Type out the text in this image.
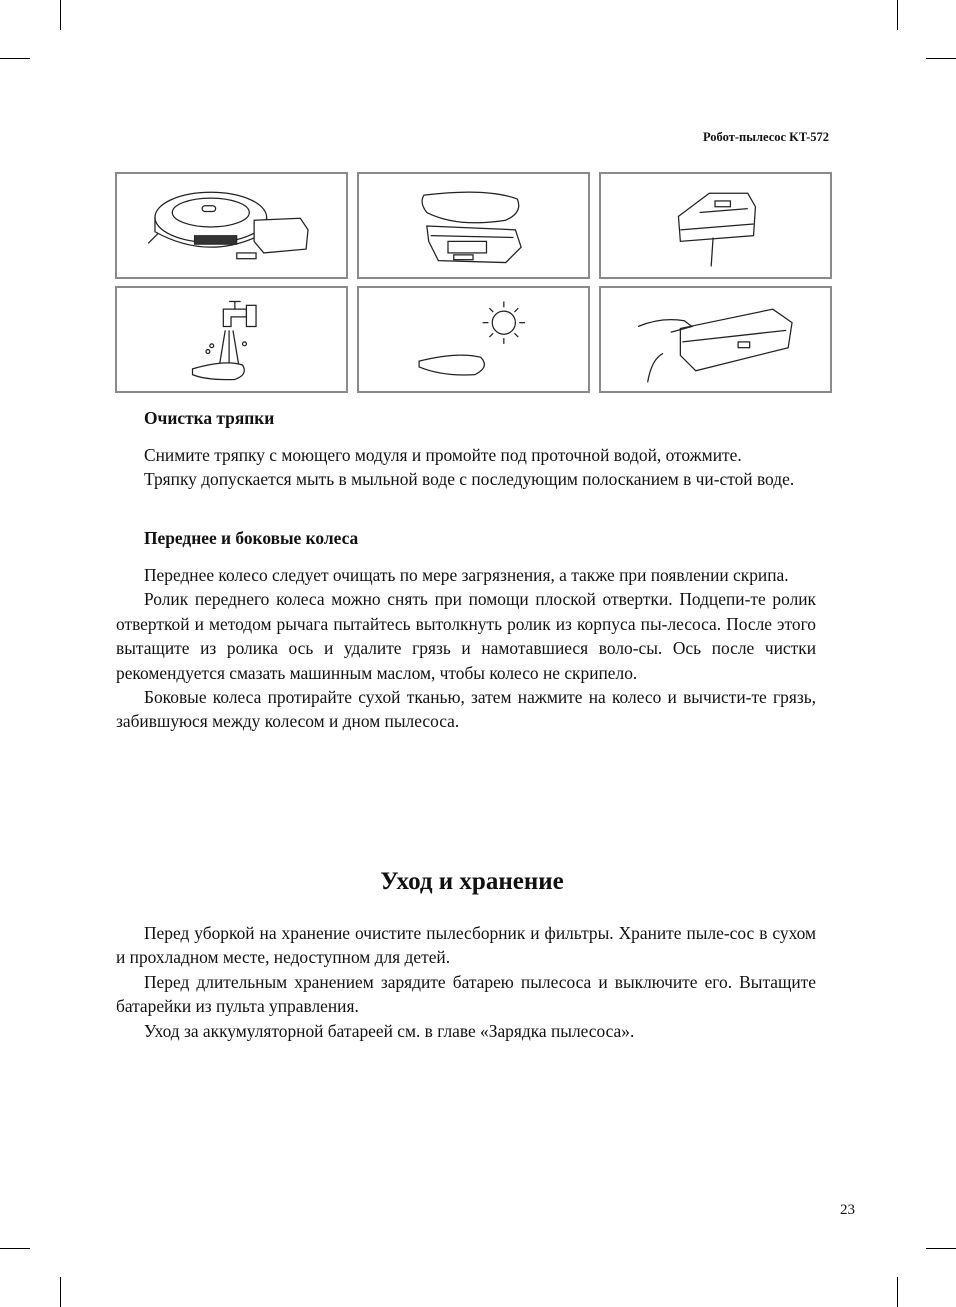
Робот-пылесос KT-572
Очистка тряпки

Снимите тряпку с моющего модуля и промойте под проточной водой, отожмите.

Тряпку допускается мыть в мыльной воде с последующим полосканием в чи-стой воде.

Переднее и боковые колеса

Переднее колесо следует очищать по мере загрязнения, а также при появлении скрипа.

Ролик переднего колеса можно снять при помощи плоской отвертки. Подцепи-те ролик отверткой и методом рычага пытайтесь вытолкнуть ролик из корпуса пы-лесоса. После этого вытащите из ролика ось и удалите грязь и намотавшиеся воло-сы. Ось после чистки рекомендуется смазать машинным маслом, чтобы колесо не скрипело.

Боковые колеса протирайте сухой тканью, затем нажмите на колесо и вычисти-те грязь, забившуюся между колесом и дном пылесоса.

Уход и хранение

Перед уборкой на хранение очистите пылесборник и фильтры. Храните пыле-сос в сухом и прохладном месте, недоступном для детей.

Перед длительным хранением зарядите батарею пылесоса и выключите его. Вытащите батарейки из пульта управления.

Уход за аккумуляторной батареей см. в главе «Зарядка пылесоса».

23
